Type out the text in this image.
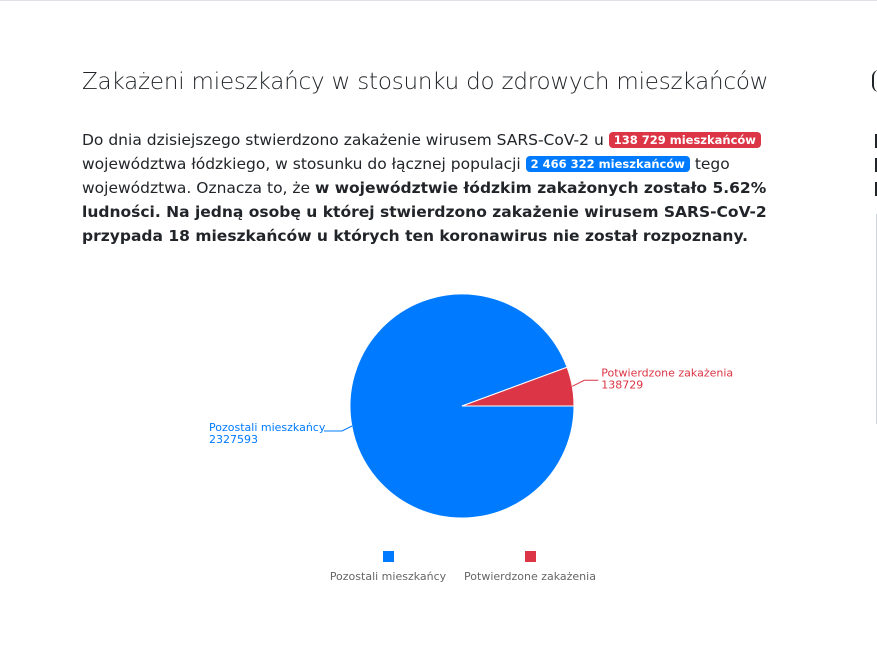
Zakażeni mieszkańcy w stosunku do zdrowych mieszkańców
Do dnia dzisiejszego stwierdzono zakażenie wirusem SARS-CoV-2 u 138 729 mieszkańców województwa łódzkiego, w stosunku do łącznej populacji 2 466 322 mieszkańców tego województwa. Oznacza to, że w województwie łódzkim zakażonych zostało 5.62% ludności. Na jedną osobę u której stwierdzono zakażenie wirusem SARS-CoV-2 przypada 18 mieszkańców u których ten koronawirus nie został rozpoznany.
Potwierdzone zakażenia
138729
Pozostali mieszkańcy
2327593
Pozostali mieszkańcy Potwierdzone zakażenia
